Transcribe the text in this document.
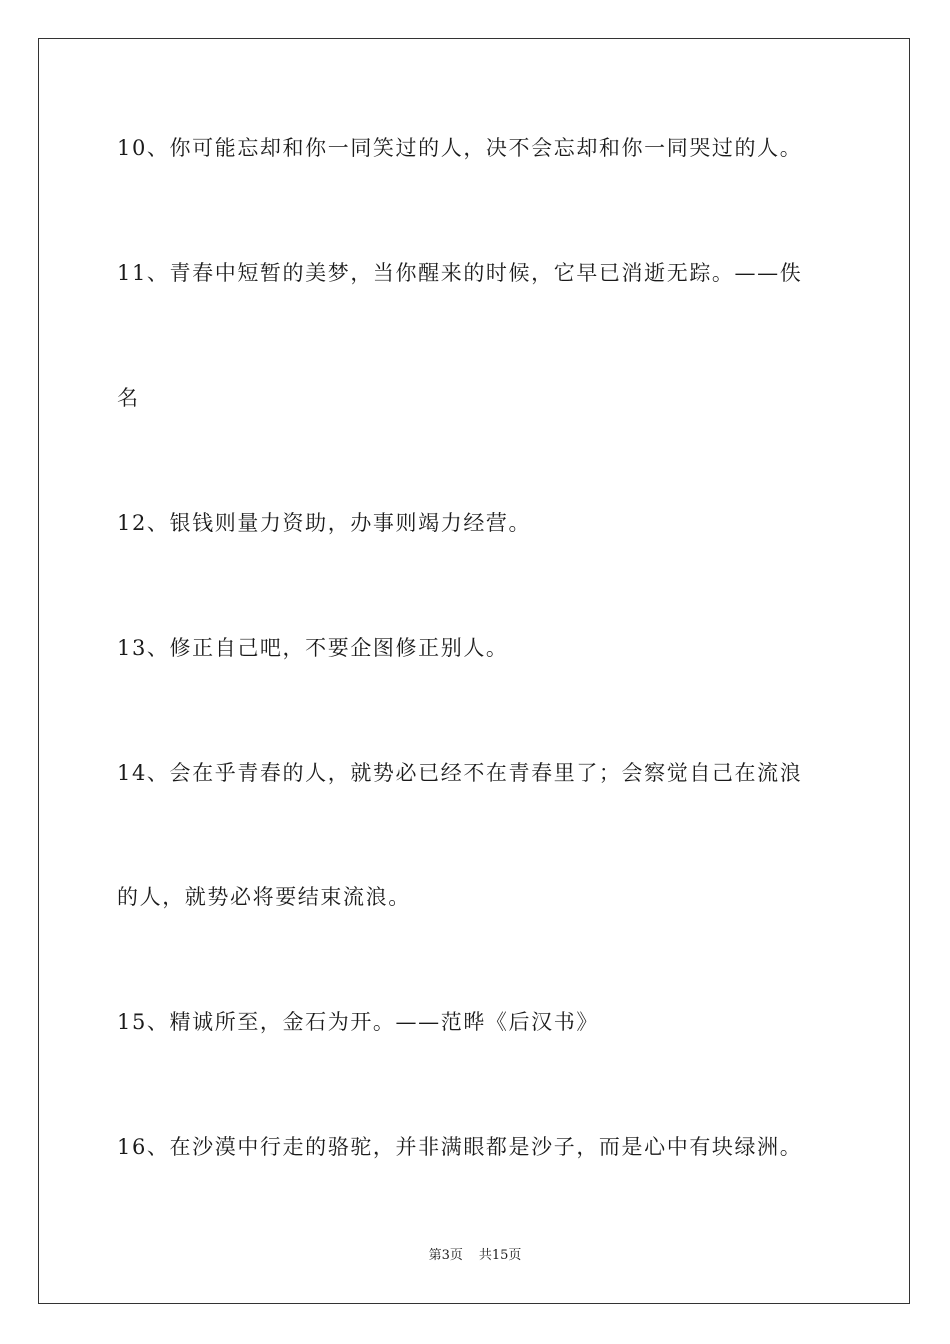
10、你可能忘却和你一同笑过的人，决不会忘却和你一同哭过的人。
11、青春中短暂的美梦，当你醒来的时候，它早已消逝无踪。——佚
名
12、银钱则量力资助，办事则竭力经营。
13、修正自己吧，不要企图修正别人。
14、会在乎青春的人，就势必已经不在青春里了；会察觉自己在流浪
的人，就势必将要结束流浪。
15、精诚所至，金石为开。——范晔《后汉书》
16、在沙漠中行走的骆驼，并非满眼都是沙子，而是心中有块绿洲。
第3页 共15页
